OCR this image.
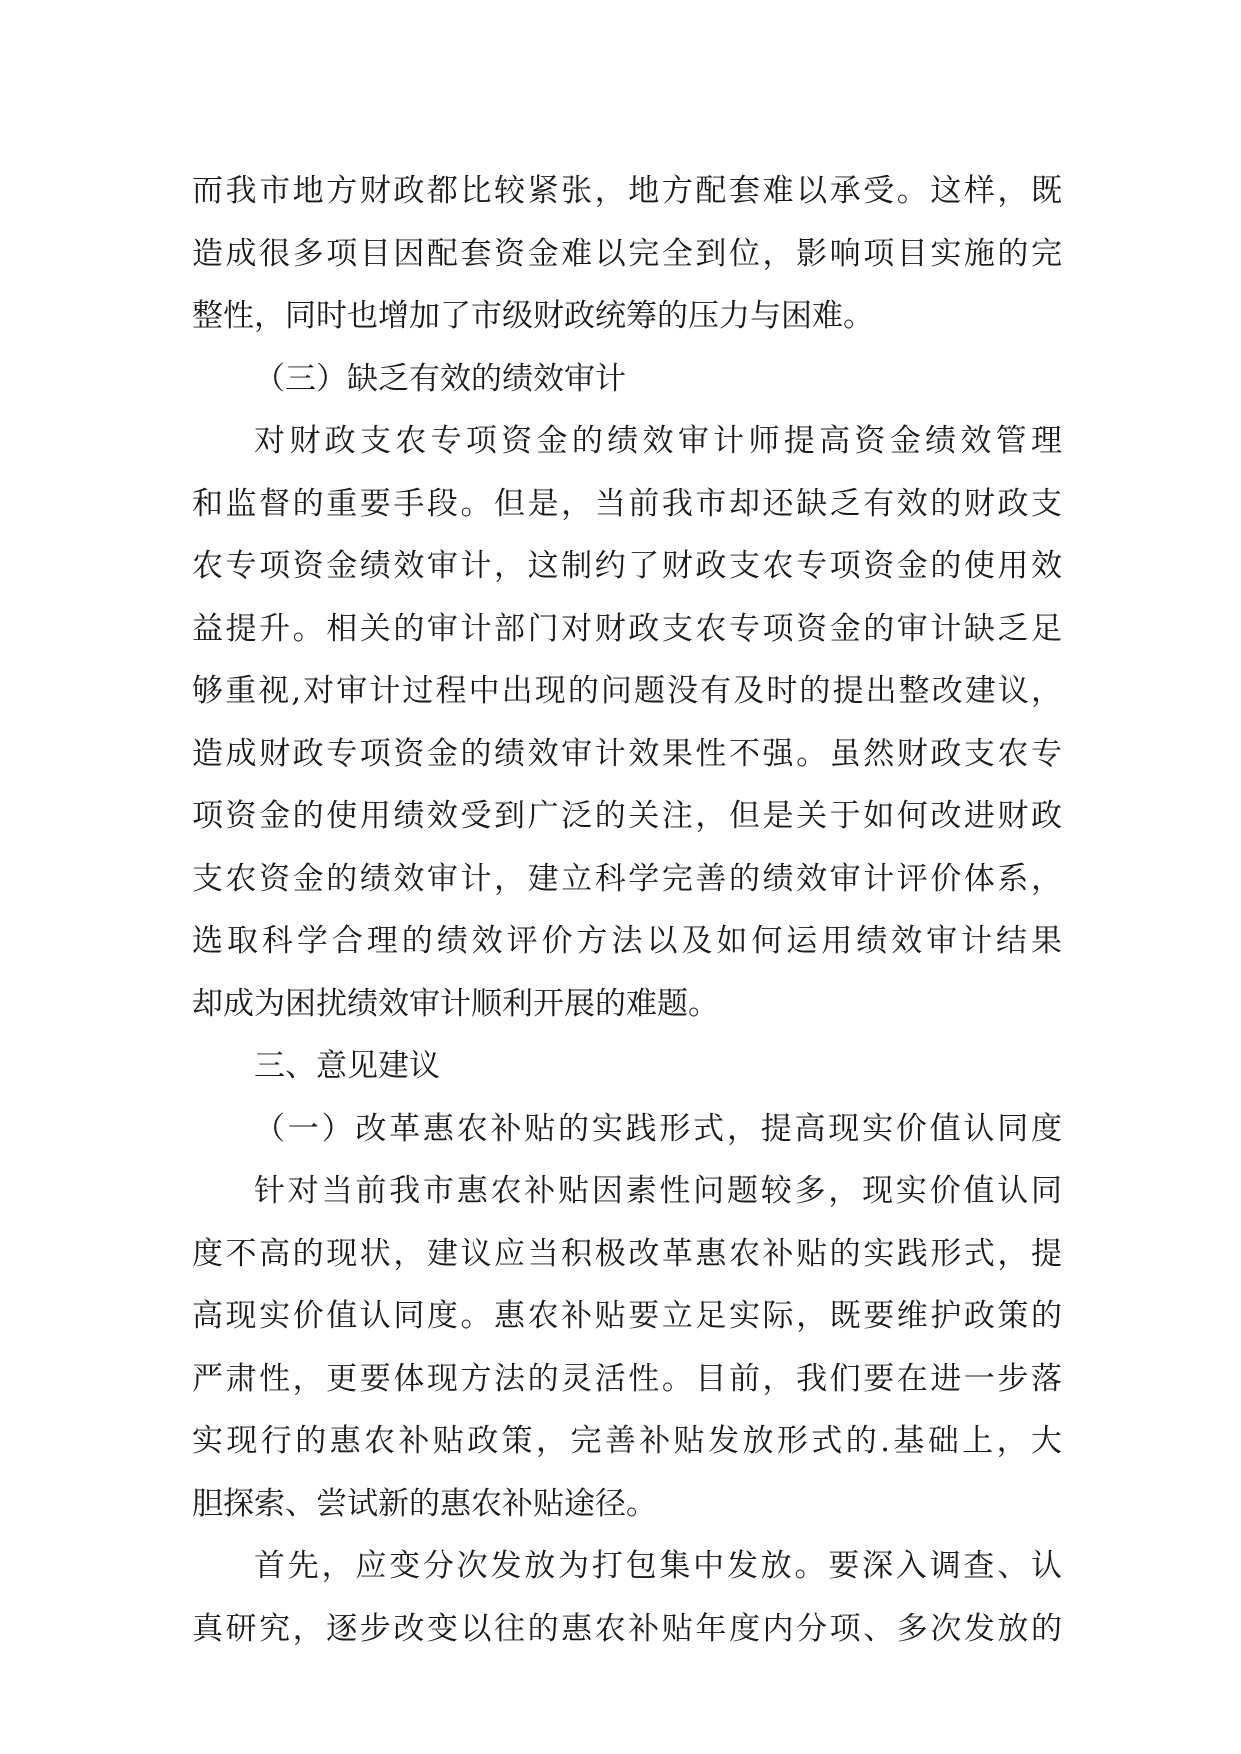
而我市地方财政都比较紧张，地方配套难以承受。这样，既
造成很多项目因配套资金难以完全到位，影响项目实施的完
整性，同时也增加了市级财政统筹的压力与困难。
（三）缺乏有效的绩效审计
对财政支农专项资金的绩效审计师提高资金绩效管理
和监督的重要手段。但是，当前我市却还缺乏有效的财政支
农专项资金绩效审计，这制约了财政支农专项资金的使用效
益提升。相关的审计部门对财政支农专项资金的审计缺乏足
够重视,对审计过程中出现的问题没有及时的提出整改建议，
造成财政专项资金的绩效审计效果性不强。虽然财政支农专
项资金的使用绩效受到广泛的关注，但是关于如何改进财政
支农资金的绩效审计，建立科学完善的绩效审计评价体系，
选取科学合理的绩效评价方法以及如何运用绩效审计结果
却成为困扰绩效审计顺利开展的难题。
三、意见建议
（一）改革惠农补贴的实践形式，提高现实价值认同度
针对当前我市惠农补贴因素性问题较多，现实价值认同
度不高的现状，建议应当积极改革惠农补贴的实践形式，提
高现实价值认同度。惠农补贴要立足实际，既要维护政策的
严肃性，更要体现方法的灵活性。目前，我们要在进一步落
实现行的惠农补贴政策，完善补贴发放形式的.基础上，大
胆探索、尝试新的惠农补贴途径。
首先，应变分次发放为打包集中发放。要深入调查、认
真研究，逐步改变以往的惠农补贴年度内分项、多次发放的
